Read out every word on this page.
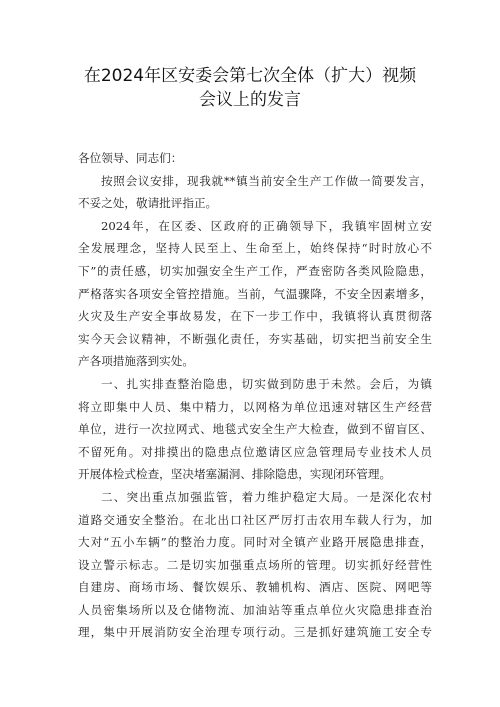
在2024年区安委会第七次全体（扩大）视频
会议上的发言
各位领导、同志们：
按照会议安排，现我就**镇当前安全生产工作做一简要发言，
不妥之处，敬请批评指正。
2024年，在区委、区政府的正确领导下，我镇牢固树立安
全发展理念，坚持人民至上、生命至上，始终保持“时时放心不
下”的责任感，切实加强安全生产工作，严查密防各类风险隐患，
严格落实各项安全管控措施。当前，气温骤降，不安全因素增多，
火灾及生产安全事故易发，在下一步工作中，我镇将认真贯彻落
实今天会议精神，不断强化责任，夯实基础，切实把当前安全生
产各项措施落到实处。
一、扎实排查整治隐患，切实做到防患于未然。会后，为镇
将立即集中人员、集中精力，以网格为单位迅速对辖区生产经营
单位，进行一次拉网式、地毯式安全生产大检查，做到不留盲区、
不留死角。对排摸出的隐患点位邀请区应急管理局专业技术人员
开展体检式检查，坚决堵塞漏洞、排除隐患，实现闭环管理。
二、突出重点加强监管，着力维护稳定大局。一是深化农村
道路交通安全整治。在北出口社区严厉打击农用车载人行为，加
大对“五小车辆”的整治力度。同时对全镇产业路开展隐患排查，
设立警示标志。二是切实加强重点场所的管理。切实抓好经营性
自建房、商场市场、餐饮娱乐、教辅机构、酒店、医院、网吧等
人员密集场所以及仓储物流、加油站等重点单位火灾隐患排查治
理，集中开展消防安全治理专项行动。三是抓好建筑施工安全专
